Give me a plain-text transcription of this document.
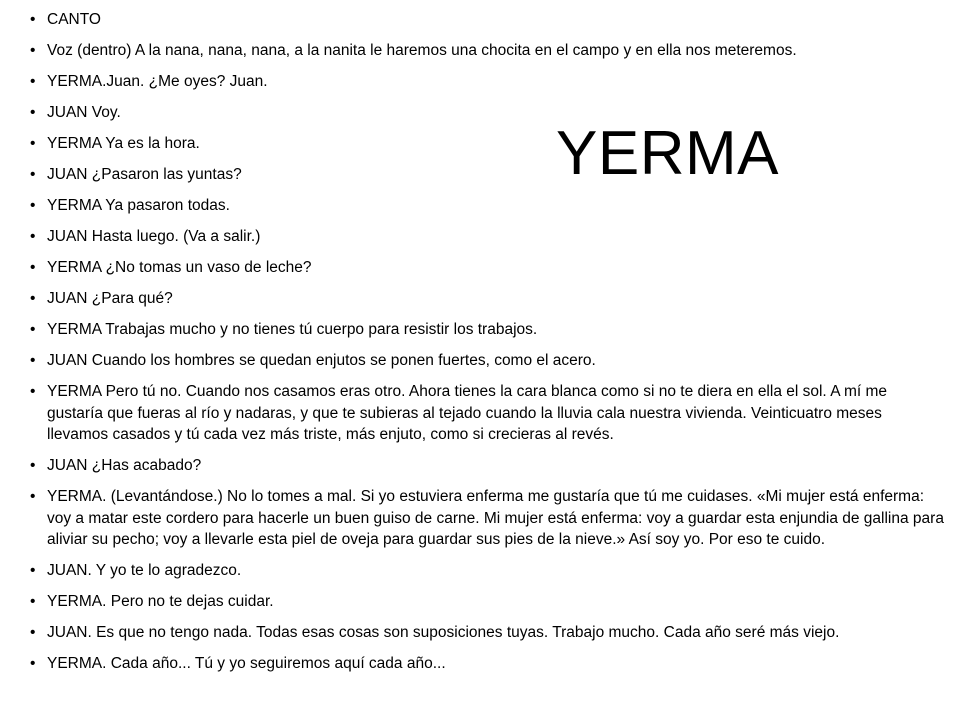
• CANTO
• Voz (dentro) A la nana, nana, nana, a la nanita le haremos una chocita en el campo y en ella nos meteremos.
• YERMA.Juan. ¿Me oyes? Juan.
• JUAN Voy.
• YERMA Ya es la hora.
• JUAN ¿Pasaron las yuntas?
• YERMA Ya pasaron todas.
• JUAN Hasta luego. (Va a salir.)
• YERMA ¿No tomas un vaso de leche?
• JUAN ¿Para qué?
• YERMA Trabajas mucho y no tienes tú cuerpo para resistir los trabajos.
• JUAN Cuando los hombres se quedan enjutos se ponen fuertes, como el acero.
• YERMA Pero tú no. Cuando nos casamos eras otro. Ahora tienes la cara blanca como si no te diera en ella el sol. A mí me gustaría que fueras al río y nadaras, y que te subieras al tejado cuando la lluvia cala nuestra vivienda. Veinticuatro meses llevamos casados y tú cada vez más triste, más enjuto, como si crecieras al revés.
• JUAN ¿Has acabado?
• YERMA. (Levantándose.) No lo tomes a mal. Si yo estuviera enferma me gustaría que tú me cuidases. «Mi mujer está enferma: voy a matar este cordero para hacerle un buen guiso de carne. Mi mujer está enferma: voy a guardar esta enjundia de gallina para aliviar su pecho; voy a llevarle esta piel de oveja para guardar sus pies de la nieve.» Así soy yo. Por eso te cuido.
• JUAN. Y yo te lo agradezco.
• YERMA. Pero no te dejas cuidar.
• JUAN. Es que no tengo nada. Todas esas cosas son suposiciones tuyas. Trabajo mucho. Cada año seré más viejo.
• YERMA. Cada año... Tú y yo seguiremos aquí cada año...
YERMA
